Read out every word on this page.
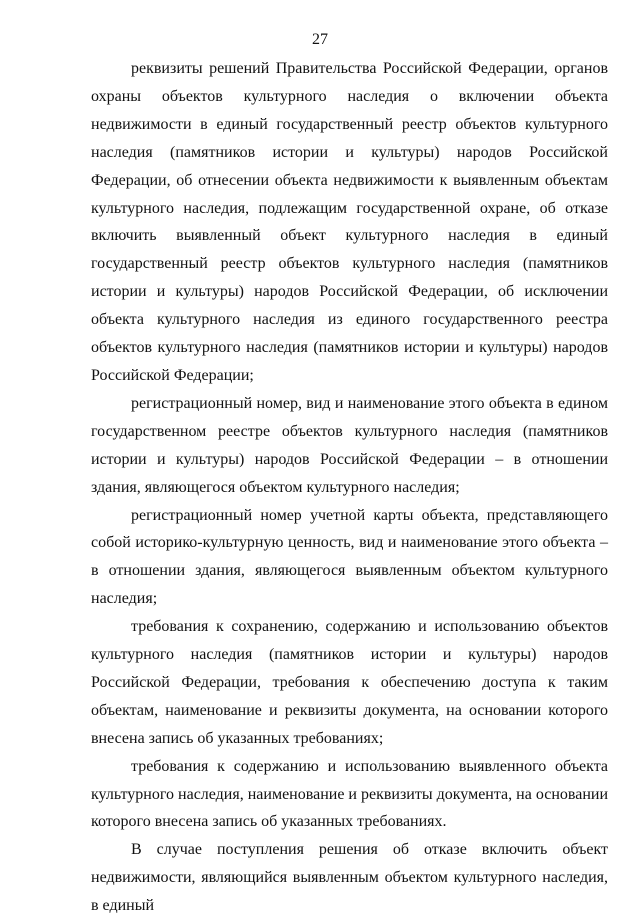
27

реквизиты решений Правительства Российской Федерации, органов охраны объектов культурного наследия о включении объекта недвижимости в единый государственный реестр объектов культурного наследия (памятников истории и культуры) народов Российской Федерации, об отнесении объекта недвижимости к выявленным объектам культурного наследия, подлежащим государственной охране, об отказе включить выявленный объект культурного наследия в единый государственный реестр объектов культурного наследия (памятников истории и культуры) народов Российской Федерации, об исключении объекта культурного наследия из единого государственного реестра объектов культурного наследия (памятников истории и культуры) народов Российской Федерации;

регистрационный номер, вид и наименование этого объекта в едином государственном реестре объектов культурного наследия (памятников истории и культуры) народов Российской Федерации – в отношении здания, являющегося объектом культурного наследия;

регистрационный номер учетной карты объекта, представляющего собой историко-культурную ценность, вид и наименование этого объекта – в отношении здания, являющегося выявленным объектом культурного наследия;

требования к сохранению, содержанию и использованию объектов культурного наследия (памятников истории и культуры) народов Российской Федерации, требования к обеспечению доступа к таким объектам, наименование и реквизиты документа, на основании которого внесена запись об указанных требованиях;

требования к содержанию и использованию выявленного объекта культурного наследия, наименование и реквизиты документа, на основании которого внесена запись об указанных требованиях.

В случае поступления решения об отказе включить объект недвижимости, являющийся выявленным объектом культурного наследия, в единый
